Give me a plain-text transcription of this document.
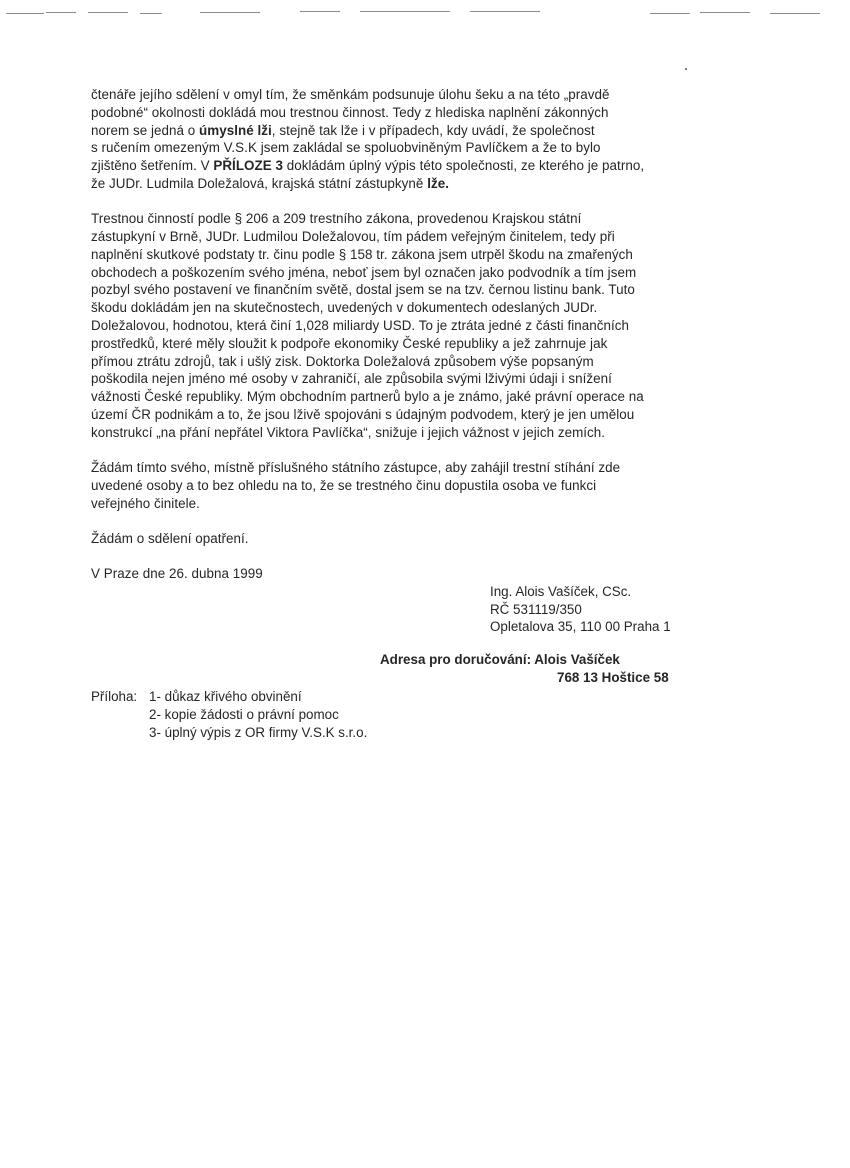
čtenáře jejího sdělení v omyl tím, že směnkám podsunuje úlohu šeku a na této „pravdě
podobné“ okolnosti dokládá mou trestnou činnost. Tedy z hlediska naplnění zákonných
norem se jedná o úmyslné lži, stejně tak lže i v případech, kdy uvádí, že společnost
s ručením omezeným V.S.K jsem zakládal se spoluobviněným Pavlíčkem a že to bylo
zjištěno šetřením. V PŘÍLOZE 3 dokládám úplný výpis této společnosti, ze kterého je patrno,
že JUDr. Ludmila Doležalová, krajská státní zástupkyně lže.
Trestnou činností podle § 206 a 209 trestního zákona, provedenou Krajskou státní
zástupkyní v Brně, JUDr. Ludmilou Doležalovou, tím pádem veřejným činitelem, tedy při
naplnění skutkové podstaty tr. činu podle § 158 tr. zákona jsem utrpěl škodu na zmařených
obchodech a poškozením svého jména, neboť jsem byl označen jako podvodník a tím jsem
pozbyl svého postavení ve finančním světě, dostal jsem se na tzv. černou listinu bank. Tuto
škodu dokládám jen na skutečnostech, uvedených v dokumentech odeslaných JUDr.
Doležalovou, hodnotou, která činí 1,028 miliardy USD. To je ztráta jedné z části finančních
prostředků, které měly sloužit k podpoře ekonomiky České republiky a jež zahrnuje jak
přímou ztrátu zdrojů, tak i ušlý zisk. Doktorka Doležalová způsobem výše popsaným
poškodila nejen jméno mé osoby v zahraničí, ale způsobila svými lživými údaji i snížení
vážnosti České republiky. Mým obchodním partnerů bylo a je známo, jaké právní operace na
území ČR podnikám a to, že jsou lživě spojováni s údajným podvodem, který je jen umělou
konstrukcí „na přání nepřátel Viktora Pavlíčka“, snižuje i jejich vážnost v jejich zemích.
Žádám tímto svého, místně příslušného státního zástupce, aby zahájil trestní stíhání zde
uvedené osoby a to bez ohledu na to, že se trestného činu dopustila osoba ve funkci
veřejného činitele.
Žádám o sdělení opatření.
V Praze dne 26. dubna 1999
Ing. Alois Vašíček, CSc.
RČ 531119/350
Opletalova 35, 110 00 Praha 1
Adresa pro doručování: Alois Vašíček
768 13 Hoštice 58
Příloha: 1- důkaz křivého obvinění
2- kopie žádosti o právní pomoc
3- úplný výpis z OR firmy V.S.K s.r.o.
